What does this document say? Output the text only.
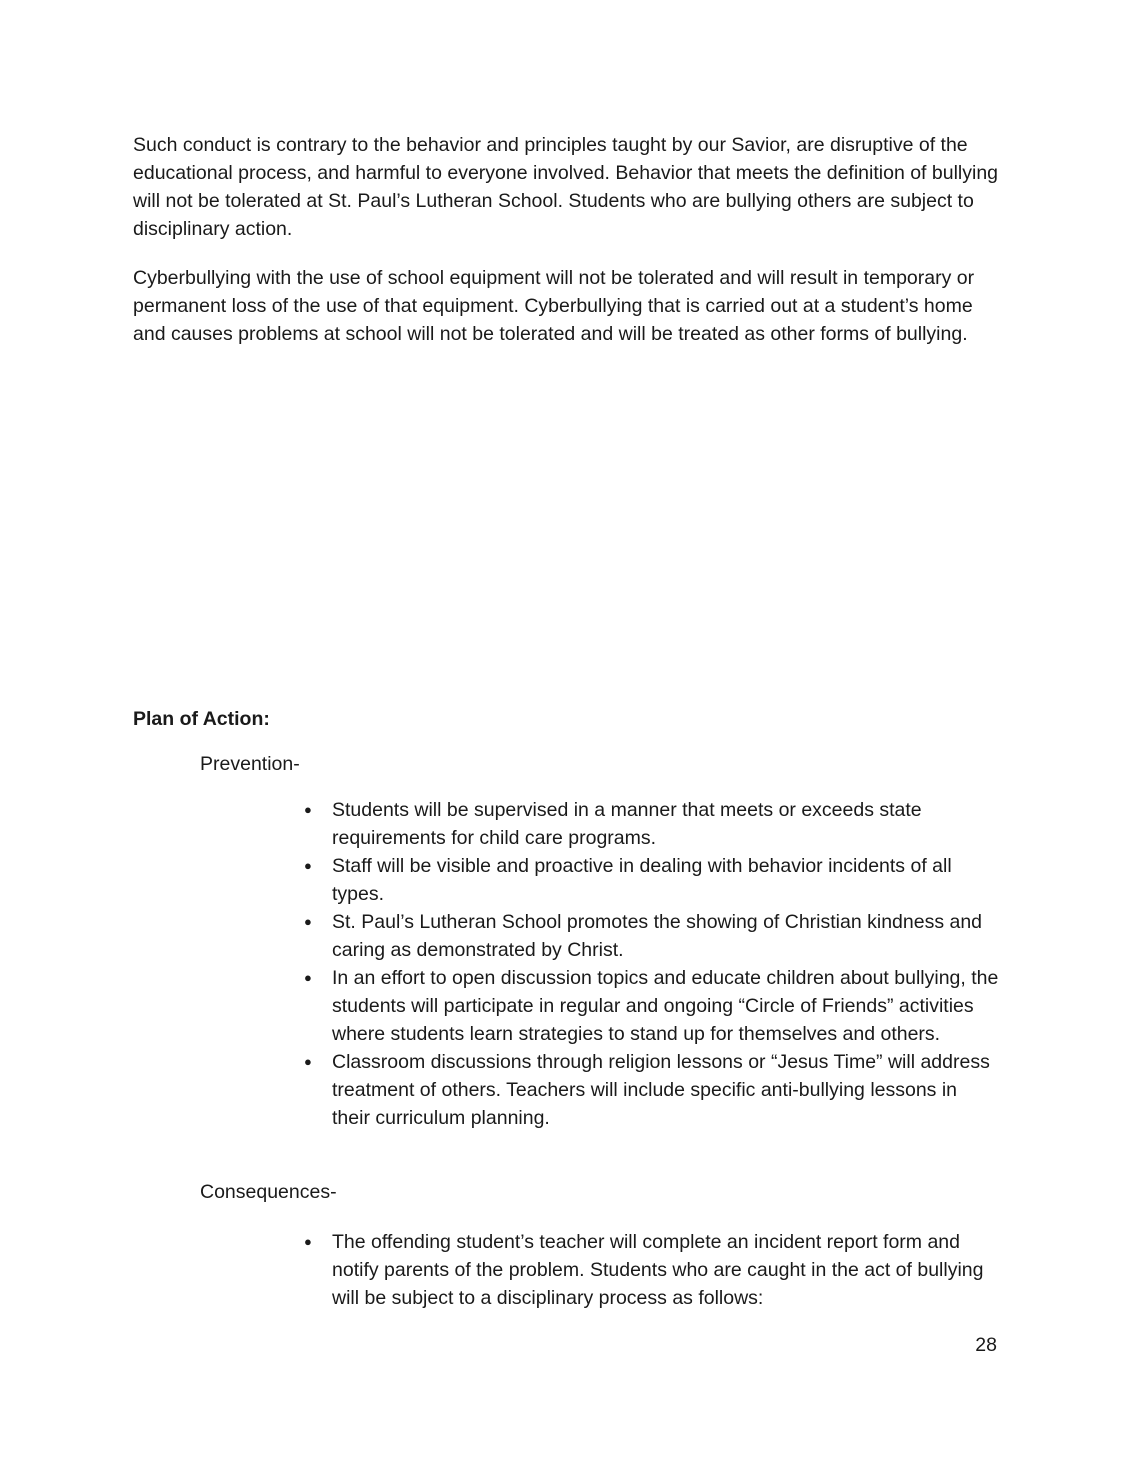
Such conduct is contrary to the behavior and principles taught by our Savior, are disruptive of the educational process, and harmful to everyone involved. Behavior that meets the definition of bullying will not be tolerated at St. Paul’s Lutheran School. Students who are bullying others are subject to disciplinary action.

Cyberbullying with the use of school equipment will not be tolerated and will result in temporary or permanent loss of the use of that equipment. Cyberbullying that is carried out at a student’s home and causes problems at school will not be tolerated and will be treated as other forms of bullying.

Plan of Action:

Prevention-

● Students will be supervised in a manner that meets or exceeds state requirements for child care programs.
● Staff will be visible and proactive in dealing with behavior incidents of all types.
● St. Paul’s Lutheran School promotes the showing of Christian kindness and caring as demonstrated by Christ.
● In an effort to open discussion topics and educate children about bullying, the students will participate in regular and ongoing “Circle of Friends” activities where students learn strategies to stand up for themselves and others.
● Classroom discussions through religion lessons or “Jesus Time” will address treatment of others. Teachers will include specific anti-bullying lessons in their curriculum planning.

Consequences-

● The offending student’s teacher will complete an incident report form and notify parents of the problem. Students who are caught in the act of bullying will be subject to a disciplinary process as follows:

28
